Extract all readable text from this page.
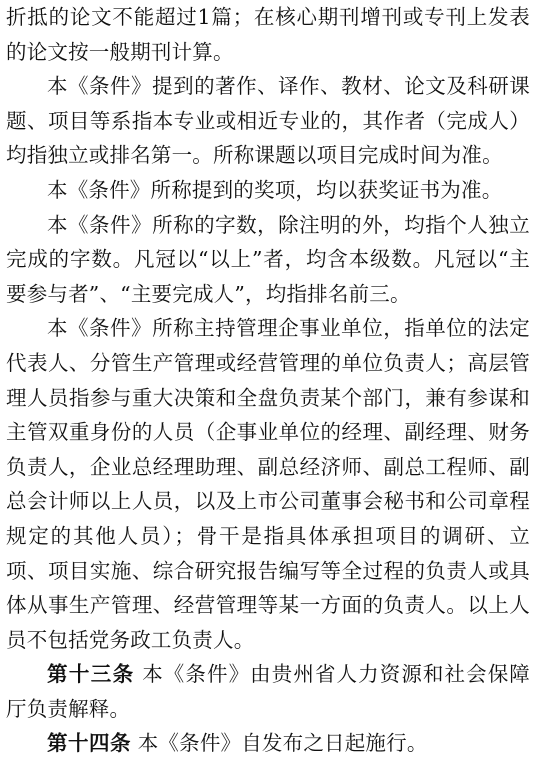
折抵的论文不能超过1篇；在核心期刊增刊或专刊上发表的论文按一般期刊计算。

本《条件》提到的著作、译作、教材、论文及科研课题、项目等系指本专业或相近专业的，其作者（完成人）均指独立或排名第一。所称课题以项目完成时间为准。

本《条件》所称提到的奖项，均以获奖证书为准。

本《条件》所称的字数，除注明的外，均指个人独立完成的字数。凡冠以“以上”者，均含本级数。凡冠以“主要参与者”、“主要完成人”，均指排名前三。

本《条件》所称主持管理企事业单位，指单位的法定代表人、分管生产管理或经营管理的单位负责人；高层管理人员指参与重大决策和全盘负责某个部门，兼有参谋和主管双重身份的人员（企事业单位的经理、副经理、财务负责人，企业总经理助理、副总经济师、副总工程师、副总会计师以上人员，以及上市公司董事会秘书和公司章程规定的其他人员）；骨干是指具体承担项目的调研、立项、项目实施、综合研究报告编写等全过程的负责人或具体从事生产管理、经营管理等某一方面的负责人。以上人员不包括党务政工负责人。

第十三条 本《条件》由贵州省人力资源和社会保障厅负责解释。

第十四条 本《条件》自发布之日起施行。
